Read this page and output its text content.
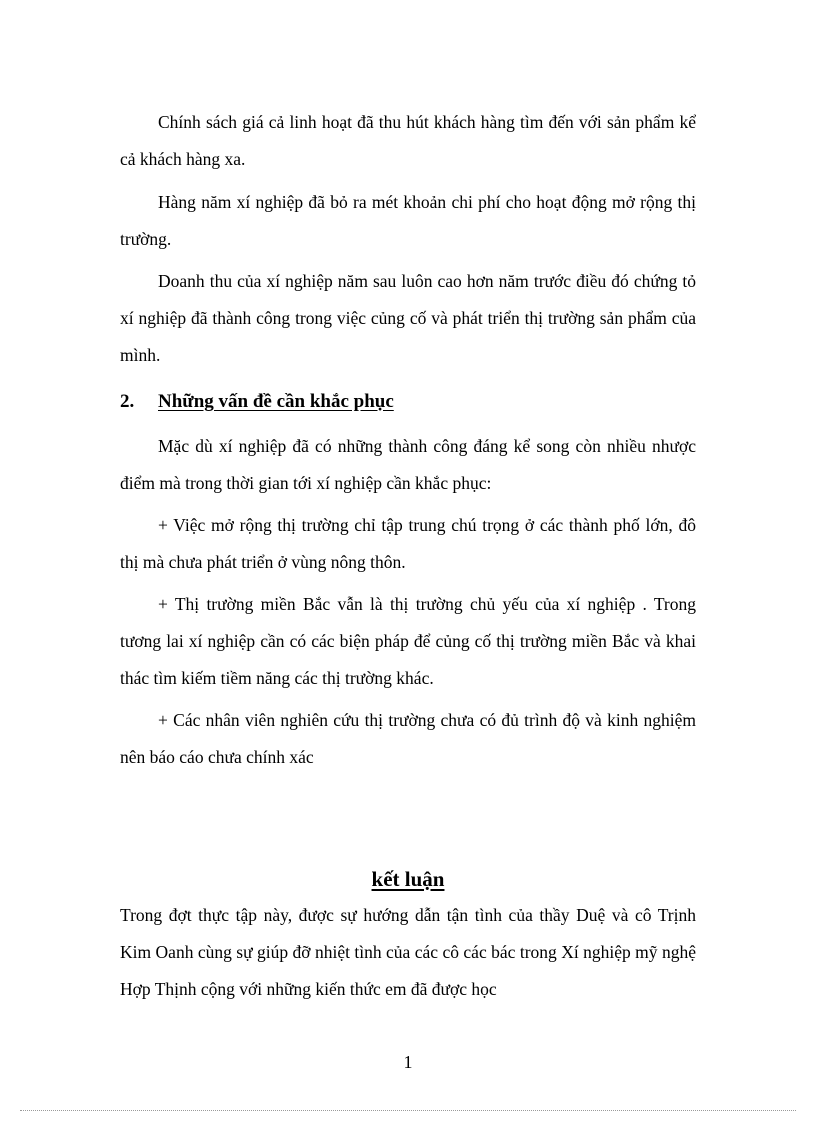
Chính sách giá cả linh hoạt đã thu hút khách hàng tìm đến với sản phẩm kể cả khách hàng xa.

Hàng năm xí nghiệp đã bỏ ra mét khoản chi phí cho hoạt động mở rộng thị trường.

Doanh thu của xí nghiệp năm sau luôn cao hơn năm trước điều đó chứng tỏ xí nghiệp đã thành công trong việc củng cố và phát triển thị trường sản phẩm của mình.

2. Những vấn đề cần khắc phục

Mặc dù xí nghiệp đã có những thành công đáng kể song còn nhiều nhược điểm mà trong thời gian tới xí nghiệp cần khắc phục:

+ Việc mở rộng thị trường chỉ tập trung chú trọng ở các thành phố lớn, đô thị mà chưa phát triển ở vùng nông thôn.

+ Thị trường miền Bắc vẫn là thị trường chủ yếu của xí nghiệp . Trong tương lai xí nghiệp cần có các biện pháp để củng cố thị trường miền Bắc và khai thác tìm kiếm tiềm năng các thị trường khác.

+ Các nhân viên nghiên cứu thị trường chưa có đủ trình độ và kinh nghiệm nên báo cáo chưa chính xác

kết luận

Trong đợt thực tập này, được sự hướng dẫn tận tình của thầy Duệ và cô Trịnh Kim Oanh cùng sự giúp đỡ nhiệt tình của các cô các bác trong Xí nghiệp mỹ nghệ Hợp Thịnh cộng với những kiến thức em đã được học

1
